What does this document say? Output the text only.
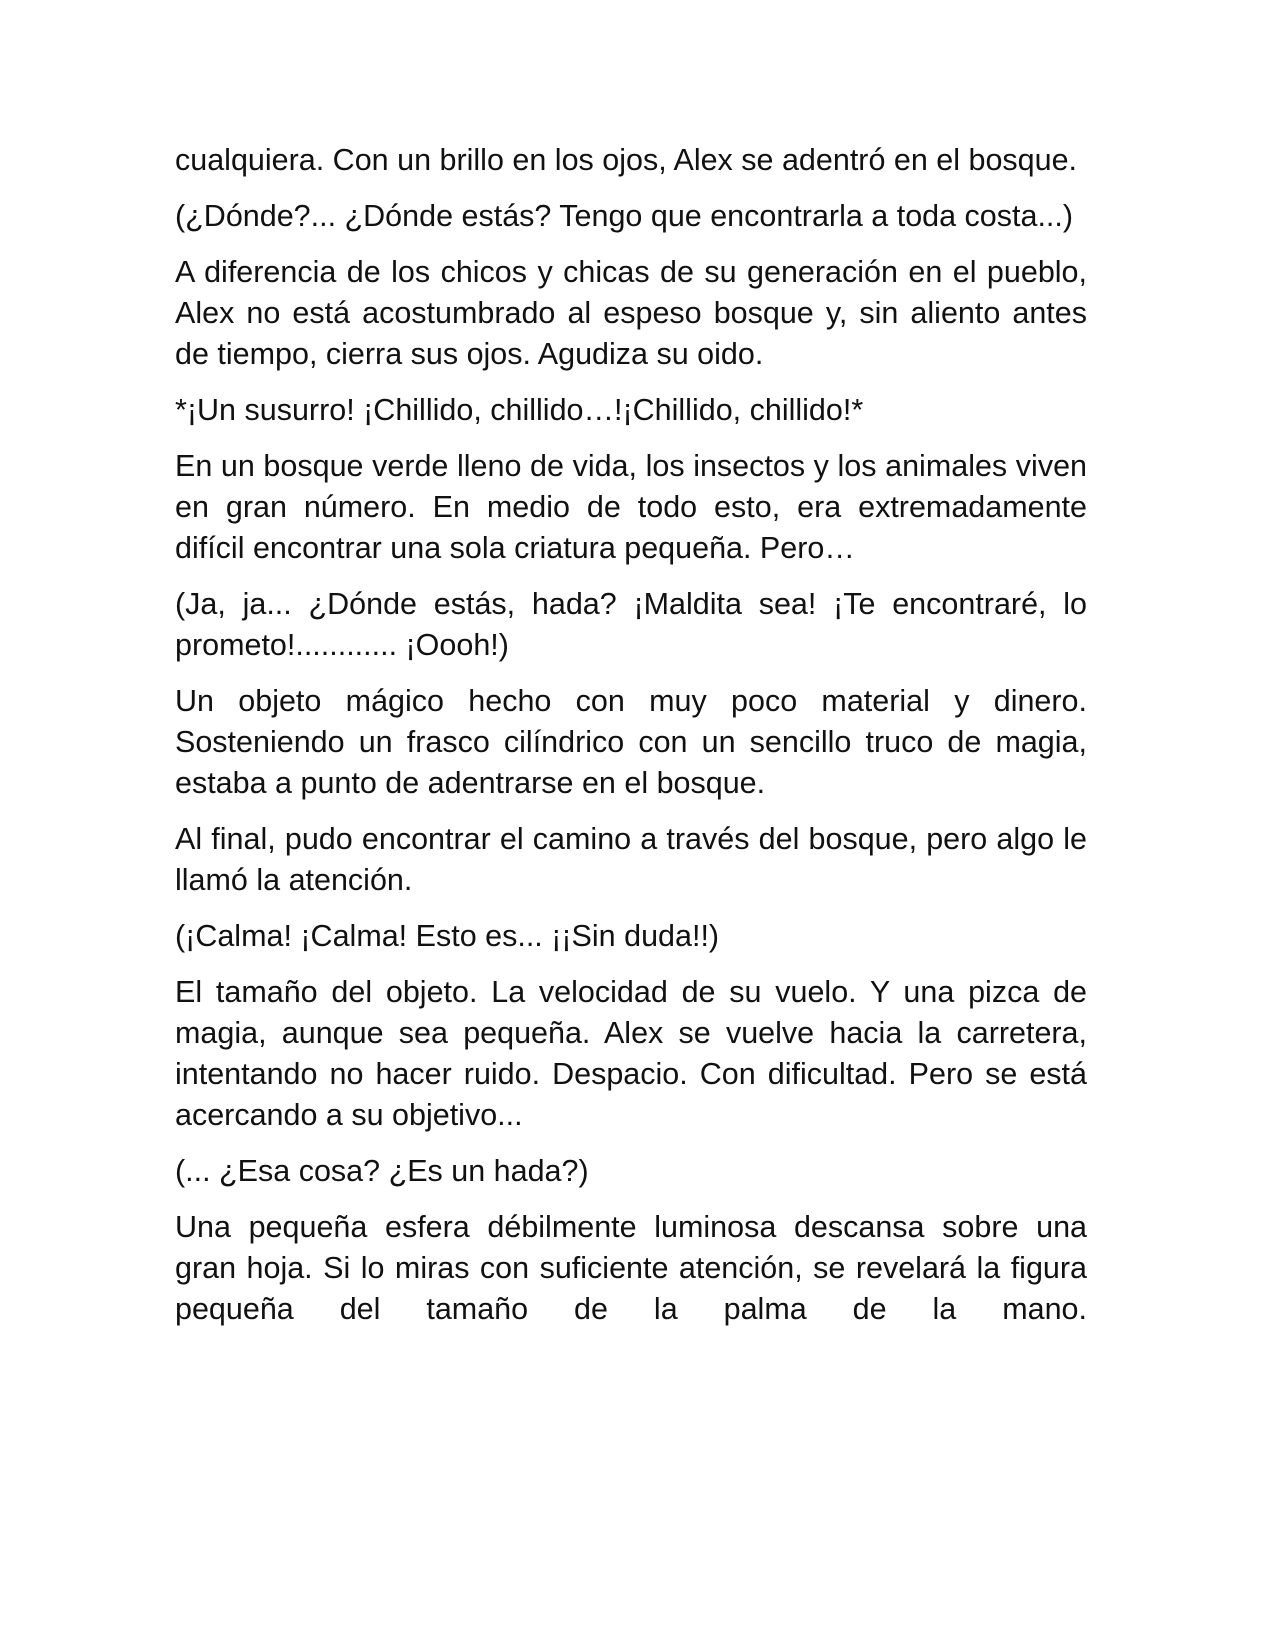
cualquiera. Con un brillo en los ojos, Alex se adentró en el bosque.

(¿Dónde?... ¿Dónde estás? Tengo que encontrarla a toda costa...)

A diferencia de los chicos y chicas de su generación en el pueblo, Alex no está acostumbrado al espeso bosque y, sin aliento antes de tiempo, cierra sus ojos. Agudiza su oido.

*¡Un susurro! ¡Chillido, chillido…!¡Chillido, chillido!*

En un bosque verde lleno de vida, los insectos y los animales viven en gran número. En medio de todo esto, era extremadamente difícil encontrar una sola criatura pequeña. Pero…

(Ja, ja... ¿Dónde estás, hada? ¡Maldita sea! ¡Te encontraré, lo prometo!............ ¡Oooh!)

Un objeto mágico hecho con muy poco material y dinero. Sosteniendo un frasco cilíndrico con un sencillo truco de magia, estaba a punto de adentrarse en el bosque.

Al final, pudo encontrar el camino a través del bosque, pero algo le llamó la atención.

(¡Calma! ¡Calma! Esto es... ¡¡Sin duda!!)

El tamaño del objeto. La velocidad de su vuelo. Y una pizca de magia, aunque sea pequeña. Alex se vuelve hacia la carretera, intentando no hacer ruido. Despacio. Con dificultad. Pero se está acercando a su objetivo...

(... ¿Esa cosa? ¿Es un hada?)

Una pequeña esfera débilmente luminosa descansa sobre una gran hoja. Si lo miras con suficiente atención, se revelará la figura pequeña del tamaño de la palma de la mano.
